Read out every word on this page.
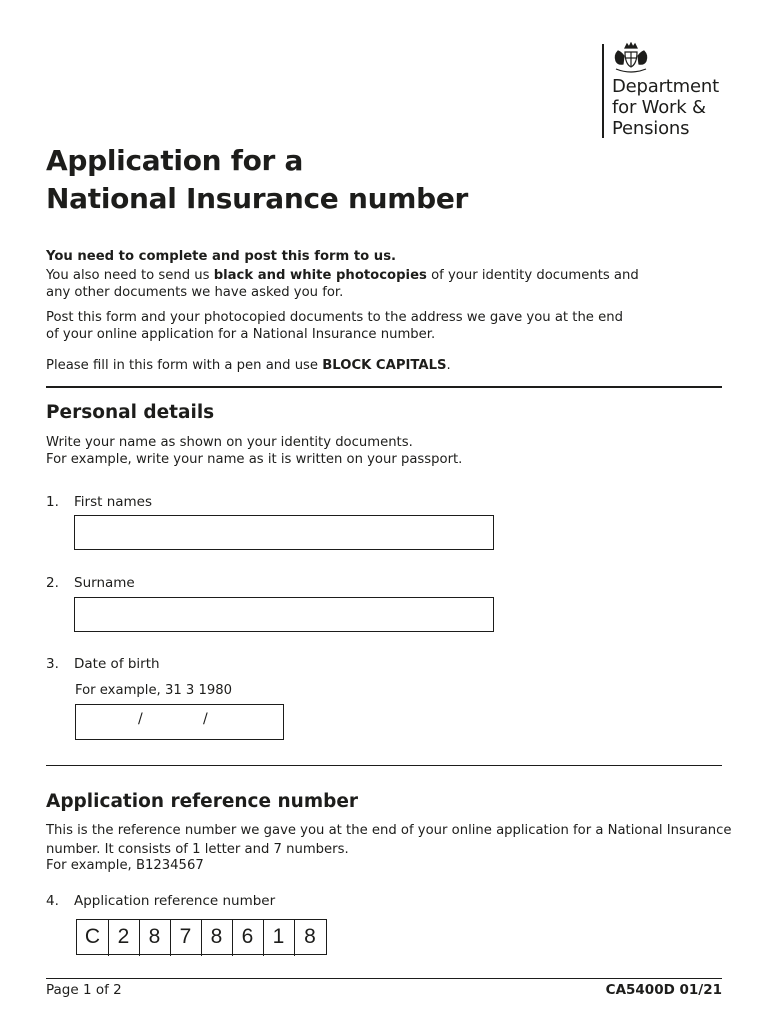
Department
for Work &
Pensions
Application for a
National Insurance number
You need to complete and post this form to us.
You also need to send us black and white photocopies of your identity documents and
any other documents we have asked you for.
Post this form and your photocopied documents to the address we gave you at the end
of your online application for a National Insurance number.
Please fill in this form with a pen and use BLOCK CAPITALS.
Personal details
Write your name as shown on your identity documents.
For example, write your name as it is written on your passport.
1. First names
2. Surname
3. Date of birth
For example, 31 3 1980
/	/
Application reference number
This is the reference number we gave you at the end of your online application for a National Insurance
number. It consists of 1 letter and 7 numbers.
For example, B1234567
4. Application reference number
C 2 8 7 8 6 1 8
Page 1 of 2	CA5400D 01/21
